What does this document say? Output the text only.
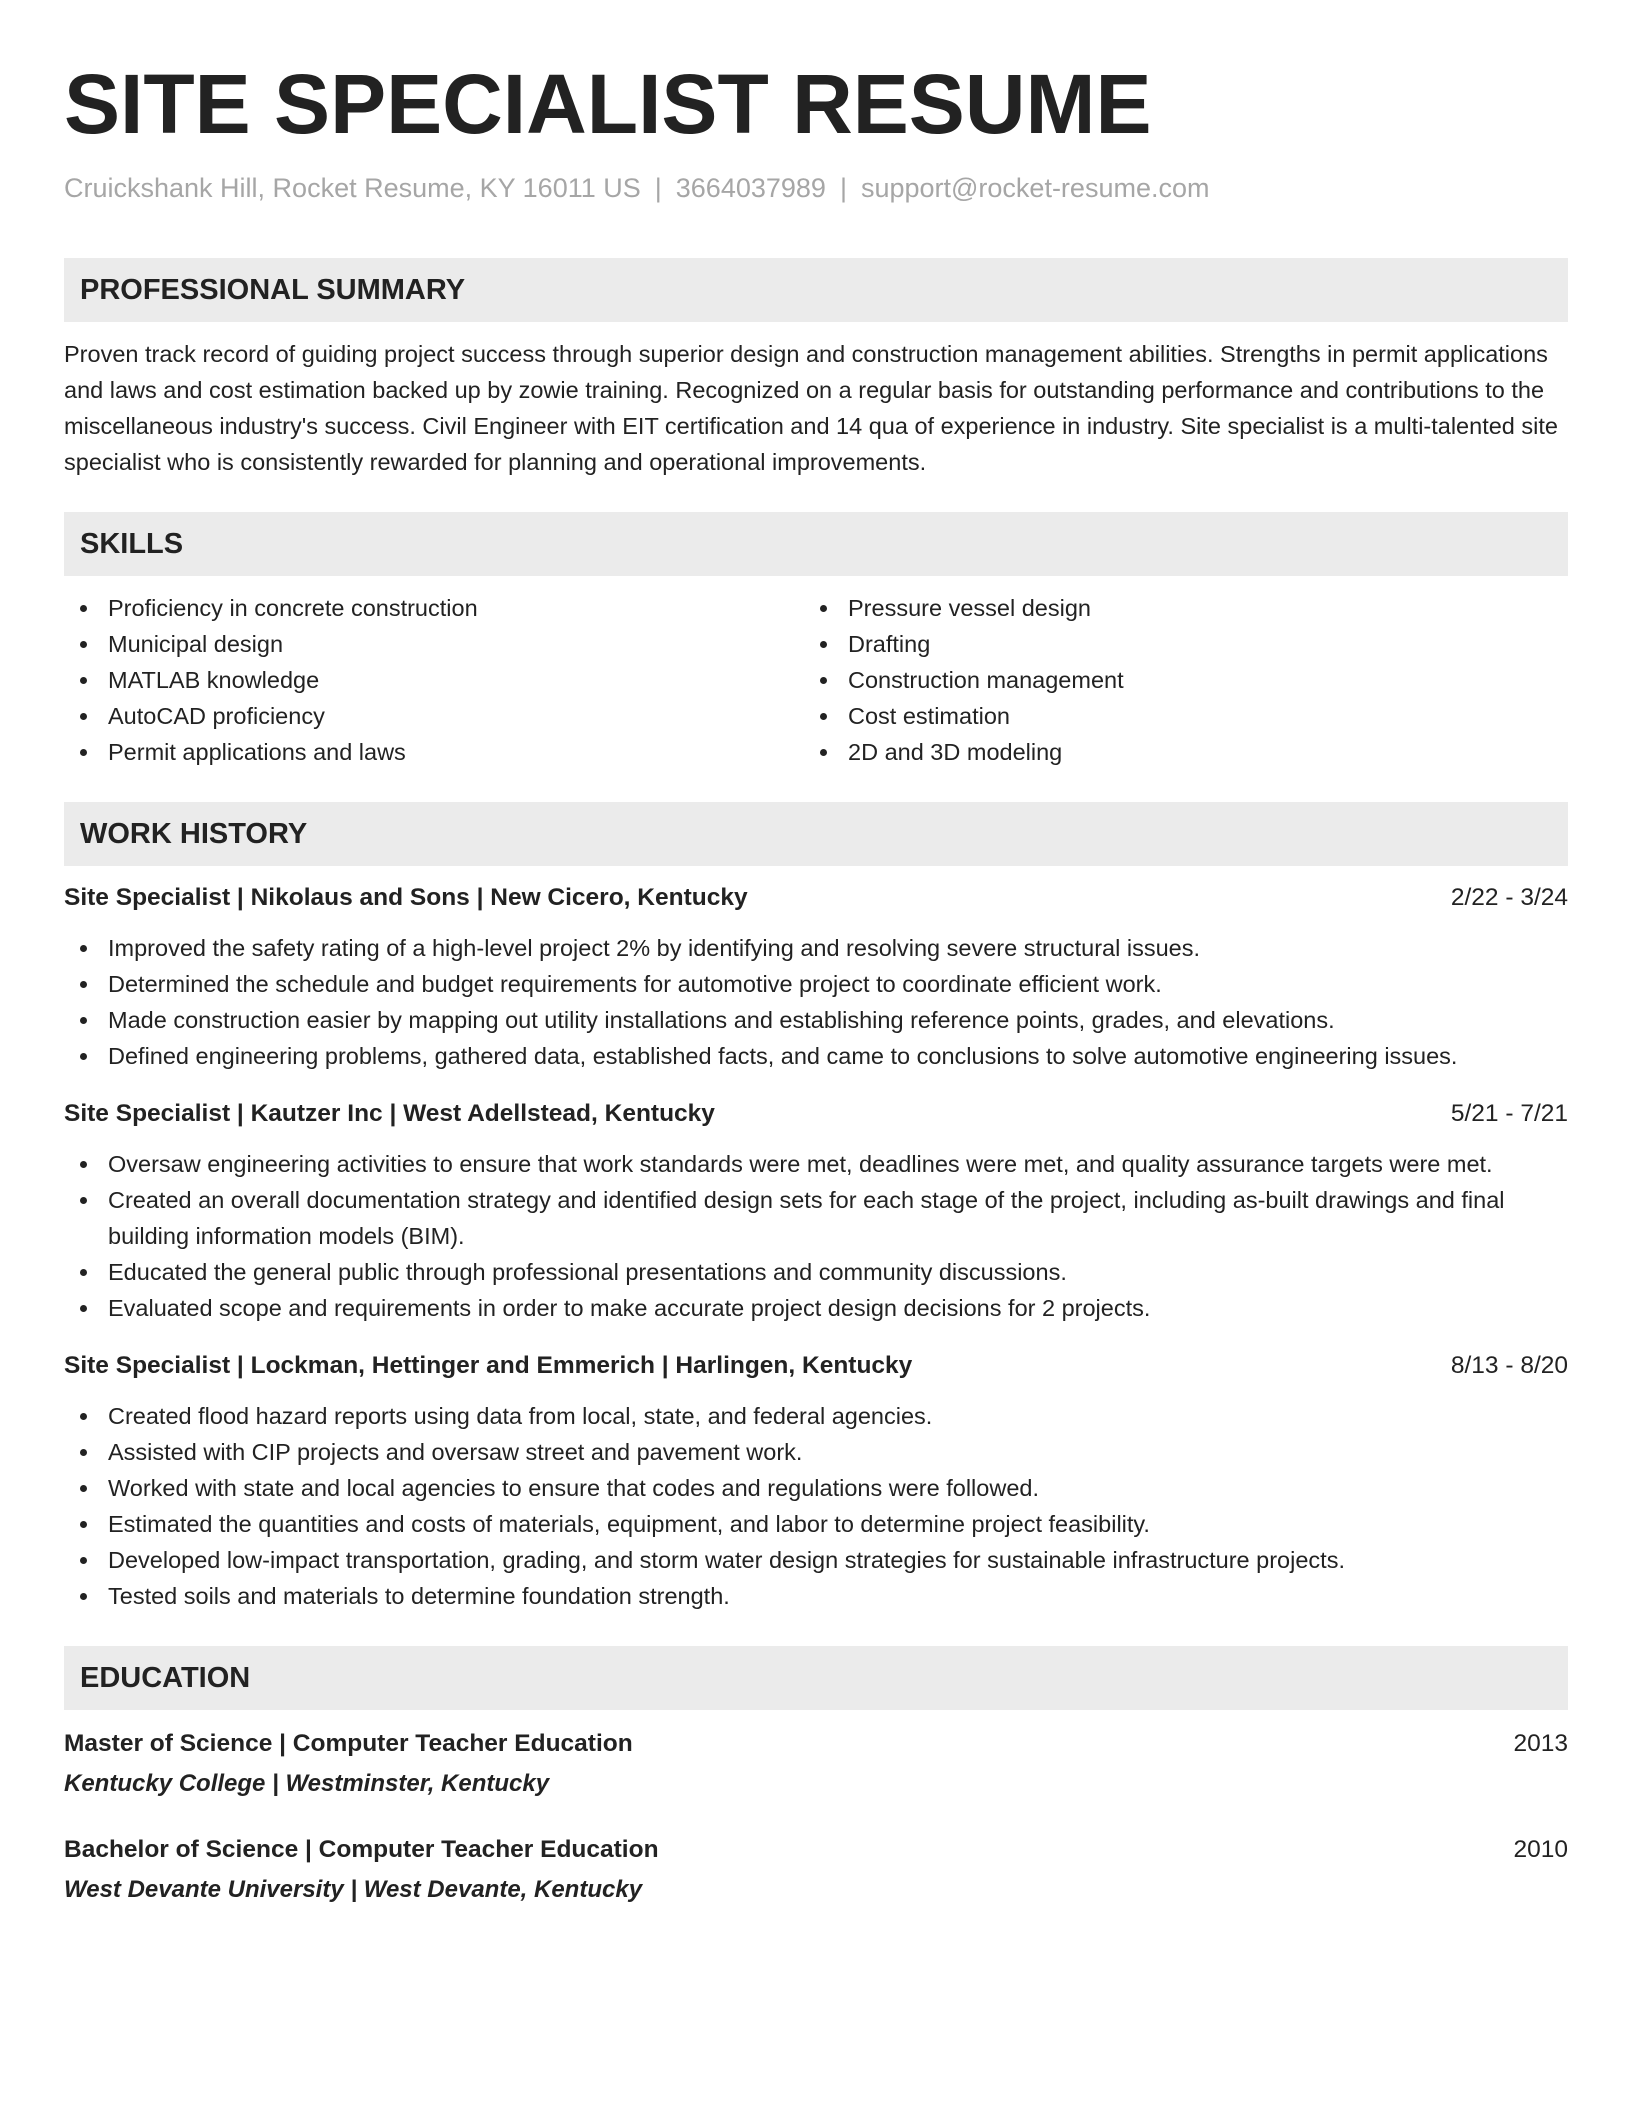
SITE SPECIALIST RESUME
Cruickshank Hill, Rocket Resume, KY 16011 US | 3664037989 | support@rocket-resume.com
PROFESSIONAL SUMMARY
Proven track record of guiding project success through superior design and construction management abilities. Strengths in permit applications and laws and cost estimation backed up by zowie training. Recognized on a regular basis for outstanding performance and contributions to the miscellaneous industry's success. Civil Engineer with EIT certification and 14 qua of experience in industry. Site specialist is a multi-talented site specialist who is consistently rewarded for planning and operational improvements.
SKILLS
Proficiency in concrete construction
Municipal design
MATLAB knowledge
AutoCAD proficiency
Permit applications and laws
Pressure vessel design
Drafting
Construction management
Cost estimation
2D and 3D modeling
WORK HISTORY
Site Specialist | Nikolaus and Sons | New Cicero, Kentucky	2/22 - 3/24
Improved the safety rating of a high-level project 2% by identifying and resolving severe structural issues.
Determined the schedule and budget requirements for automotive project to coordinate efficient work.
Made construction easier by mapping out utility installations and establishing reference points, grades, and elevations.
Defined engineering problems, gathered data, established facts, and came to conclusions to solve automotive engineering issues.
Site Specialist | Kautzer Inc | West Adellstead, Kentucky	5/21 - 7/21
Oversaw engineering activities to ensure that work standards were met, deadlines were met, and quality assurance targets were met.
Created an overall documentation strategy and identified design sets for each stage of the project, including as-built drawings and final building information models (BIM).
Educated the general public through professional presentations and community discussions.
Evaluated scope and requirements in order to make accurate project design decisions for 2 projects.
Site Specialist | Lockman, Hettinger and Emmerich | Harlingen, Kentucky	8/13 - 8/20
Created flood hazard reports using data from local, state, and federal agencies.
Assisted with CIP projects and oversaw street and pavement work.
Worked with state and local agencies to ensure that codes and regulations were followed.
Estimated the quantities and costs of materials, equipment, and labor to determine project feasibility.
Developed low-impact transportation, grading, and storm water design strategies for sustainable infrastructure projects.
Tested soils and materials to determine foundation strength.
EDUCATION
Master of Science | Computer Teacher Education	2013
Kentucky College | Westminster, Kentucky
Bachelor of Science | Computer Teacher Education	2010
West Devante University | West Devante, Kentucky
